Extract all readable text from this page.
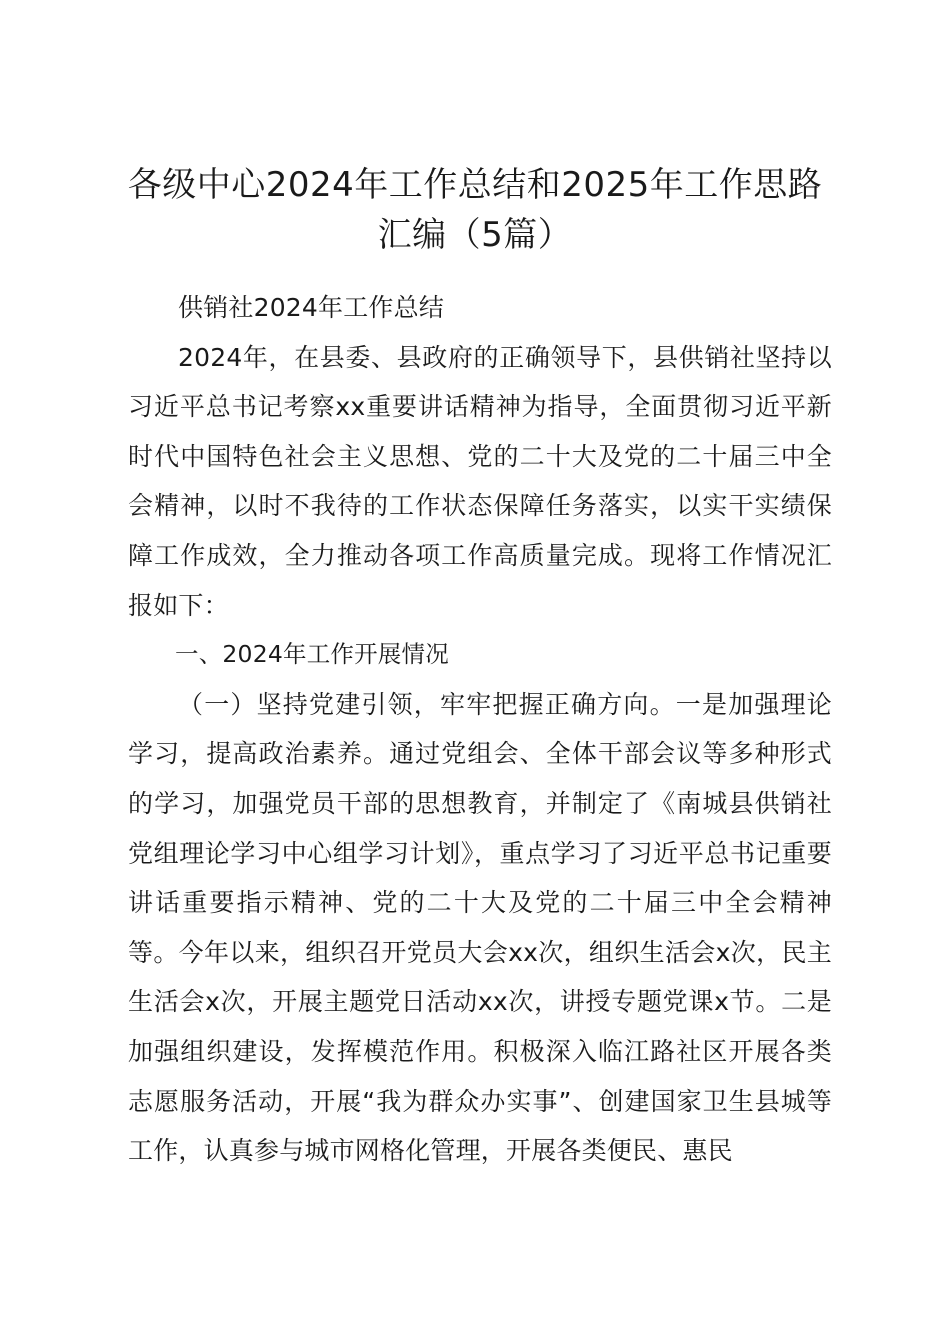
各级中心2024年工作总结和2025年工作思路汇编（5篇）

供销社2024年工作总结

2024年，在县委、县政府的正确领导下，县供销社坚持以习近平总书记考察xx重要讲话精神为指导，全面贯彻习近平新时代中国特色社会主义思想、党的二十大及党的二十届三中全会精神，以时不我待的工作状态保障任务落实，以实干实绩保障工作成效，全力推动各项工作高质量完成。现将工作情况汇报如下：

一、2024年工作开展情况

（一）坚持党建引领，牢牢把握正确方向。一是加强理论学习，提高政治素养。通过党组会、全体干部会议等多种形式的学习，加强党员干部的思想教育，并制定了《南城县供销社党组理论学习中心组学习计划》，重点学习了习近平总书记重要讲话重要指示精神、党的二十大及党的二十届三中全会精神等。今年以来，组织召开党员大会xx次，组织生活会x次，民主生活会x次，开展主题党日活动xx次，讲授专题党课x节。二是加强组织建设，发挥模范作用。积极深入临江路社区开展各类志愿服务活动，开展“我为群众办实事”、创建国家卫生县城等工作，认真参与城市网格化管理，开展各类便民、惠民
